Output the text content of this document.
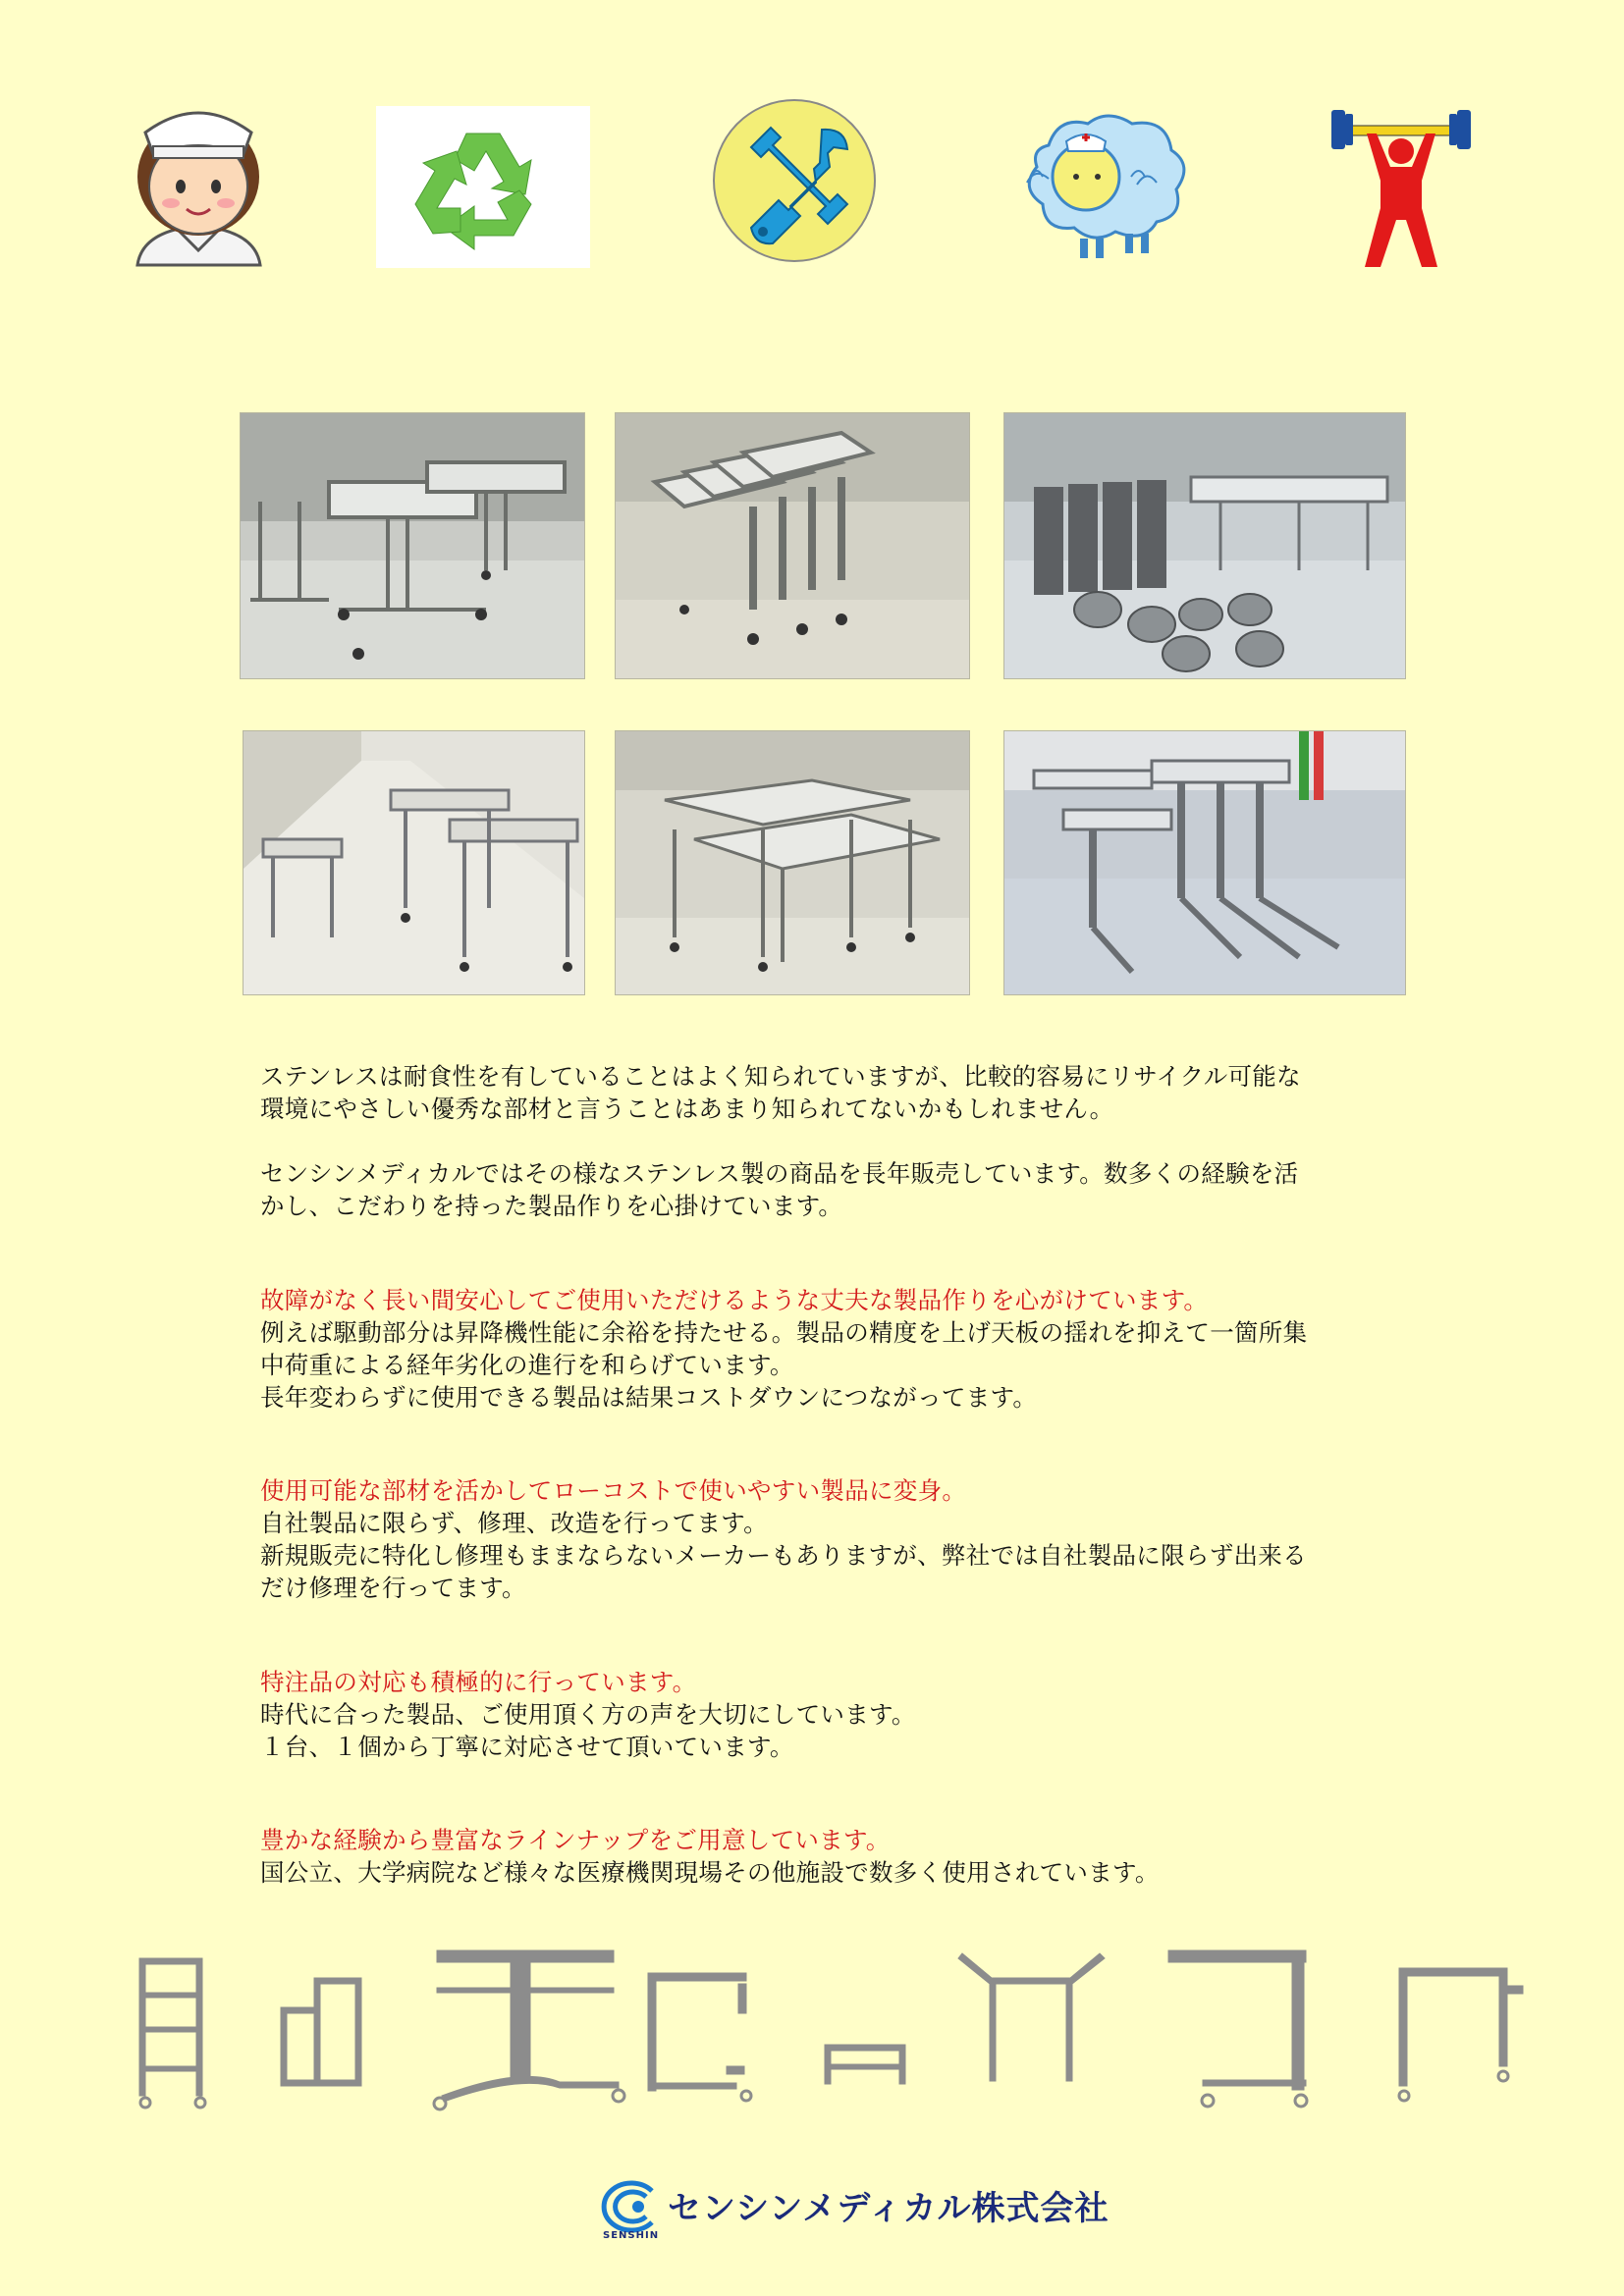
ステンレスは耐食性を有していることはよく知られていますが、比較的容易にリサイクル可能な

環境にやさしい優秀な部材と言うことはあまり知られてないかもしれません。

センシンメディカルではその様なステンレス製の商品を長年販売しています。数多くの経験を活

かし、こだわりを持った製品作りを心掛けています。

故障がなく長い間安心してご使用いただけるような丈夫な製品作りを心がけています。

例えば駆動部分は昇降機性能に余裕を持たせる。製品の精度を上げ天板の揺れを抑えて一箇所集

中荷重による経年劣化の進行を和らげています。

長年変わらずに使用できる製品は結果コストダウンにつながってます。

使用可能な部材を活かしてローコストで使いやすい製品に変身。

自社製品に限らず、修理、改造を行ってます。

新規販売に特化し修理もままならないメーカーもありますが、弊社では自社製品に限らず出来る

だけ修理を行ってます。

特注品の対応も積極的に行っています。

時代に合った製品、ご使用頂く方の声を大切にしています。

１台、１個から丁寧に対応させて頂いています。

豊かな経験から豊富なラインナップをご用意しています。

国公立、大学病院など様々な医療機関現場その他施設で数多く使用されています。

SENSHIN
センシンメディカル株式会社
